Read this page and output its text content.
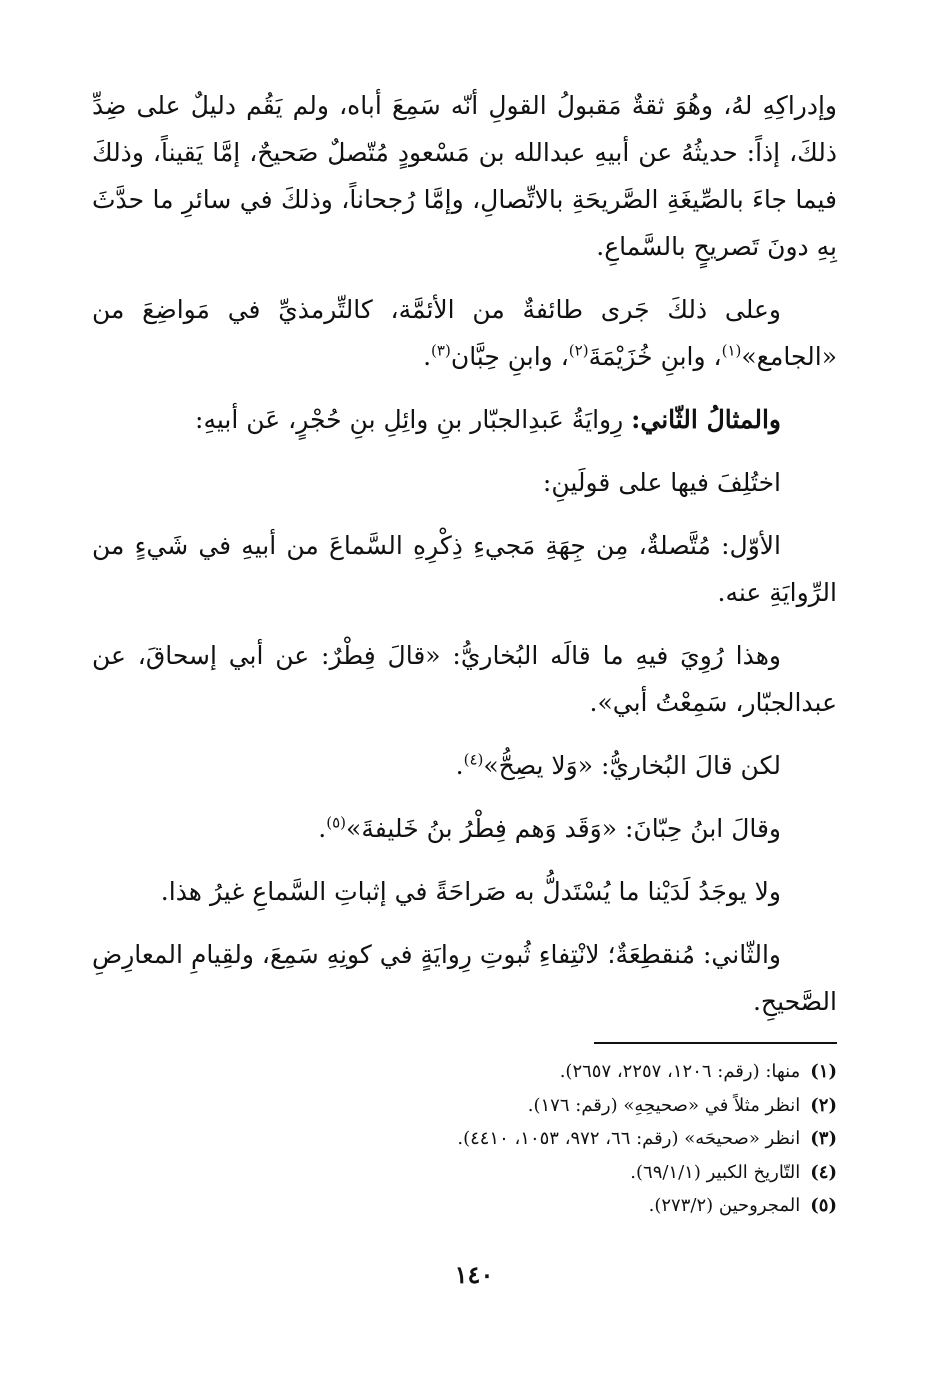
وإدراكِهِ لهُ، وهُوَ ثقةٌ مَقبولُ القولِ أنّه سَمِعَ أباه، ولم يَقُم دليلٌ على ضِدِّ ذلكَ، إذاً: حديثُهُ عن أبيهِ عبدالله بن مَسْعودٍ مُتّصلٌ صَحيحٌ، إمَّا يَقيناً، وذلكَ فيما جاءَ بالصِّيغَةِ الصَّريحَةِ بالاتِّصالِ، وإمَّا رُجحاناً، وذلكَ في سائرِ ما حدَّثَ بِهِ دونَ تَصريحٍ بالسَّماعِ.

وعلى ذلكَ جَرى طائفةٌ من الأئمَّة، كالتِّرمذيِّ في مَواضِعَ من «الجامع»$^{(١)}$، وابنِ خُزَيْمَةَ$^{(٢)}$، وابنِ حِبَّان$^{(٣)}$.

والمثالُ الثّاني: رِوايَةُ عَبدِالجبّار بنِ وائِلِ بنِ حُجْرٍ، عَن أبيهِ:

اختُلِفَ فيها على قولَينِ:

الأوّل: مُتَّصلةٌ، مِن جِهَةِ مَجيءِ ذِكْرِهِ السَّماعَ من أبيهِ في شَيءٍ من الرِّوايَةِ عنه.

وهذا رُوِيَ فيهِ ما قالَه البُخاريُّ: «قالَ فِطْرٌ: عن أبي إسحاقَ، عن عبدالجبّار، سَمِعْتُ أبي».

لكن قالَ البُخاريُّ: «وَلا يصِحُّ»$^{(٤)}$.

وقالَ ابنُ حِبّانَ: «وَقَد وَهم فِطْرُ بنُ خَليفةَ»$^{(٥)}$.

ولا يوجَدُ لَدَيْنا ما يُسْتَدلُّ به صَراحَةً في إثباتِ السَّماعِ غيرُ هذا.

والثّاني: مُنقطِعَةٌ؛ لانْتِفاءِ ثُبوتِ رِوايَةٍ في كونِهِ سَمِعَ، ولقِيامِ المعارِضِ الصَّحيحِ.

(١)منها: (رقم: ١٢٠٦، ٢٢٥٧، ٢٦٥٧).
(٢)انظر مثلاً في «صحيحِهِ» (رقم: ١٧٦).
(٣)انظر «صحيحَه» (رقم: ٦٦، ٩٧٢، ١٠٥٣، ٤٤١٠).
(٤)التّاريخ الكبير (٦٩/١/١).
(٥)المجروحين (٢٧٣/٢).
١٤٠
